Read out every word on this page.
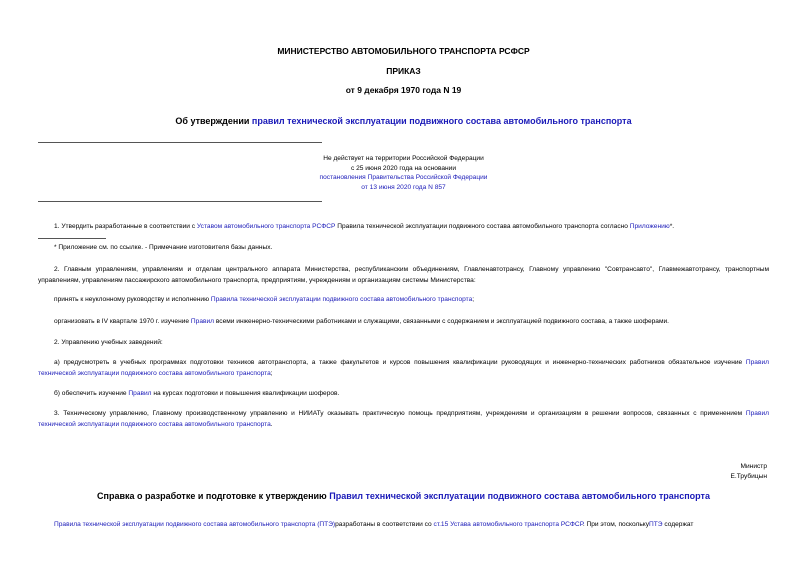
МИНИСТЕРСТВО АВТОМОБИЛЬНОГО ТРАНСПОРТА РСФСР
ПРИКАЗ
от 9 декабря 1970 года N 19
Об утверждении правил технической эксплуатации подвижного состава автомобильного транспорта
Не действует на территории Российской Федерации
с 25 июня 2020 года на основании
постановления Правительства Российской Федерации
от 13 июня 2020 года N 857
1. Утвердить разработанные в соответствии с Уставом автомобильного транспорта РСФСР Правила технической эксплуатации подвижного состава автомобильного транспорта согласно Приложению*.
* Приложение см. по ссылке. - Примечание изготовителя базы данных.
2. Главным управлениям, управлениям и отделам центрального аппарата Министерства, республиканским объединениям, Главленавтотрансу, Главному управлению "Совтрансавто", Главмежавтотрансу, транспортным управлениям, управлениям пассажирского автомобильного транспорта, предприятиям, учреждениям и организациям системы Министерства:
принять к неуклонному руководству и исполнению Правила технической эксплуатации подвижного состава автомобильного транспорта;
организовать в IV квартале 1970 г. изучение Правил всеми инженерно-техническими работниками и служащими, связанными с содержанием и эксплуатацией подвижного состава, а также шоферами.
2. Управлению учебных заведений:
а) предусмотреть в учебных программах подготовки техников автотранспорта, а также факультетов и курсов повышения квалификации руководящих и инженерно-технических работников обязательное изучение Правил технической эксплуатации подвижного состава автомобильного транспорта;
б) обеспечить изучение Правил на курсах подготовки и повышения квалификации шоферов.
3. Техническому управлению, Главному производственному управлению и НИИАТу оказывать практическую помощь предприятиям, учреждениям и организациям в решении вопросов, связанных с применением Правил технической эксплуатации подвижного состава автомобильного транспорта.
Министр
Е.Трубицын
Справка о разработке и подготовке к утверждению Правил технической эксплуатации подвижного состава автомобильного транспорта
Правила технической эксплуатации подвижного состава автомобильного транспорта (ПТЭ)разработаны в соответствии со ст.15 Устава автомобильного транспорта РСФСР. При этом, посколькуПТЭ содержат
